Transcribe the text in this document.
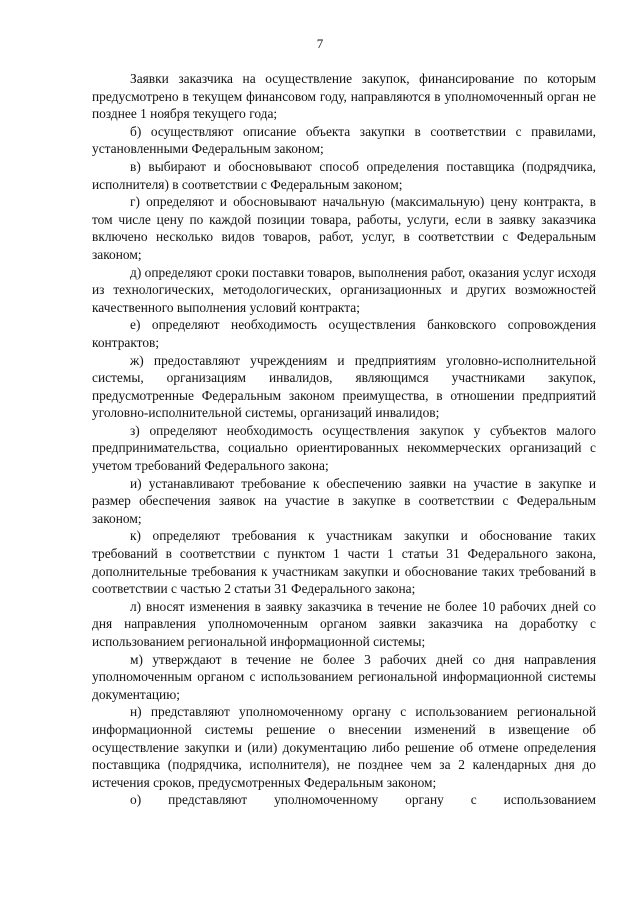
7

Заявки заказчика на осуществление закупок, финансирование по которым предусмотрено в текущем финансовом году, направляются в уполномоченный орган не позднее 1 ноября текущего года;

б) осуществляют описание объекта закупки в соответствии с правилами, установленными Федеральным законом;

в) выбирают и обосновывают способ определения поставщика (подрядчика, исполнителя) в соответствии с Федеральным законом;

г) определяют и обосновывают начальную (максимальную) цену контракта, в том числе цену по каждой позиции товара, работы, услуги, если в заявку заказчика включено несколько видов товаров, работ, услуг, в соответствии с Федеральным законом;

д) определяют сроки поставки товаров, выполнения работ, оказания услуг исходя из технологических, методологических, организационных и других возможностей качественного выполнения условий контракта;

е) определяют необходимость осуществления банковского сопровождения контрактов;

ж) предоставляют учреждениям и предприятиям уголовно-исполнительной системы, организациям инвалидов, являющимся участниками закупок, предусмотренные Федеральным законом преимущества, в отношении предприятий уголовно-исполнительной системы, организаций инвалидов;

з) определяют необходимость осуществления закупок у субъектов малого предпринимательства, социально ориентированных некоммерческих организаций с учетом требований Федерального закона;

и) устанавливают требование к обеспечению заявки на участие в закупке и размер обеспечения заявок на участие в закупке в соответствии с Федеральным законом;

к) определяют требования к участникам закупки и обоснование таких требований в соответствии с пунктом 1 части 1 статьи 31 Федерального закона, дополнительные требования к участникам закупки и обоснование таких требований в соответствии с частью 2 статьи 31 Федерального закона;

л) вносят изменения в заявку заказчика в течение не более 10 рабочих дней со дня направления уполномоченным органом заявки заказчика на доработку с использованием региональной информационной системы;

м) утверждают в течение не более 3 рабочих дней со дня направления уполномоченным органом с использованием региональной информационной системы документацию;

н) представляют уполномоченному органу с использованием региональной информационной системы решение о внесении изменений в извещение об осуществление закупки и (или) документацию либо решение об отмене определения поставщика (подрядчика, исполнителя), не позднее чем за 2 календарных дня до истечения сроков, предусмотренных Федеральным законом;

о) представляют уполномоченному органу с использованием
